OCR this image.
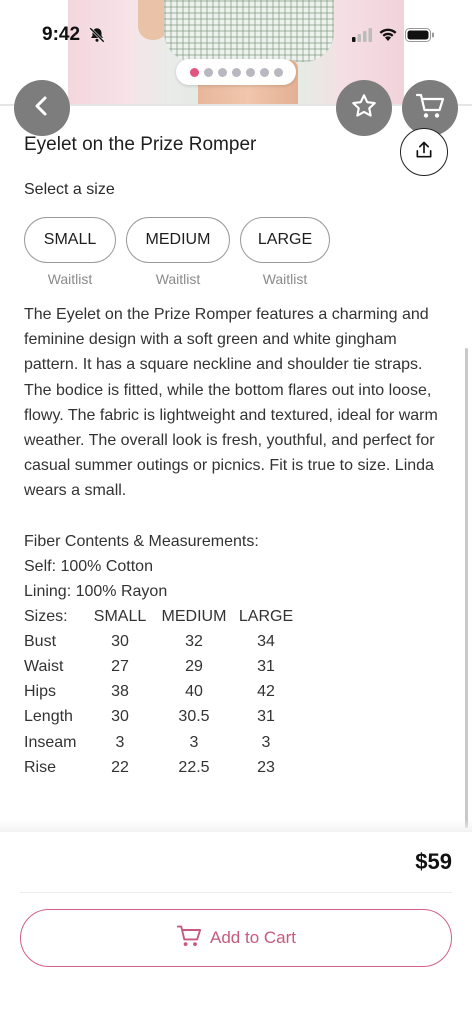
9:42
Eyelet on the Prize Romper
Select a size
SMALL
Waitlist
MEDIUM
Waitlist
LARGE
Waitlist
The Eyelet on the Prize Romper features a charming and feminine design with a soft green and white gingham pattern. It has a square neckline and shoulder tie straps. The bodice is fitted, while the bottom flares out into loose, flowy. The fabric is lightweight and textured, ideal for warm weather. The overall look is fresh, youthful, and perfect for casual summer outings or picnics. Fit is true to size. Linda wears a small.
Fiber Contents & Measurements:
Self: 100% Cotton
Lining: 100% Rayon
Sizes:	SMALL MEDIUM LARGE
Bust	30	32	34
Waist	27	29	31
Hips	38	40	42
Length	30	30.5	31
Inseam	3	3	3
Rise	22	22.5	23
$59
Add to Cart
